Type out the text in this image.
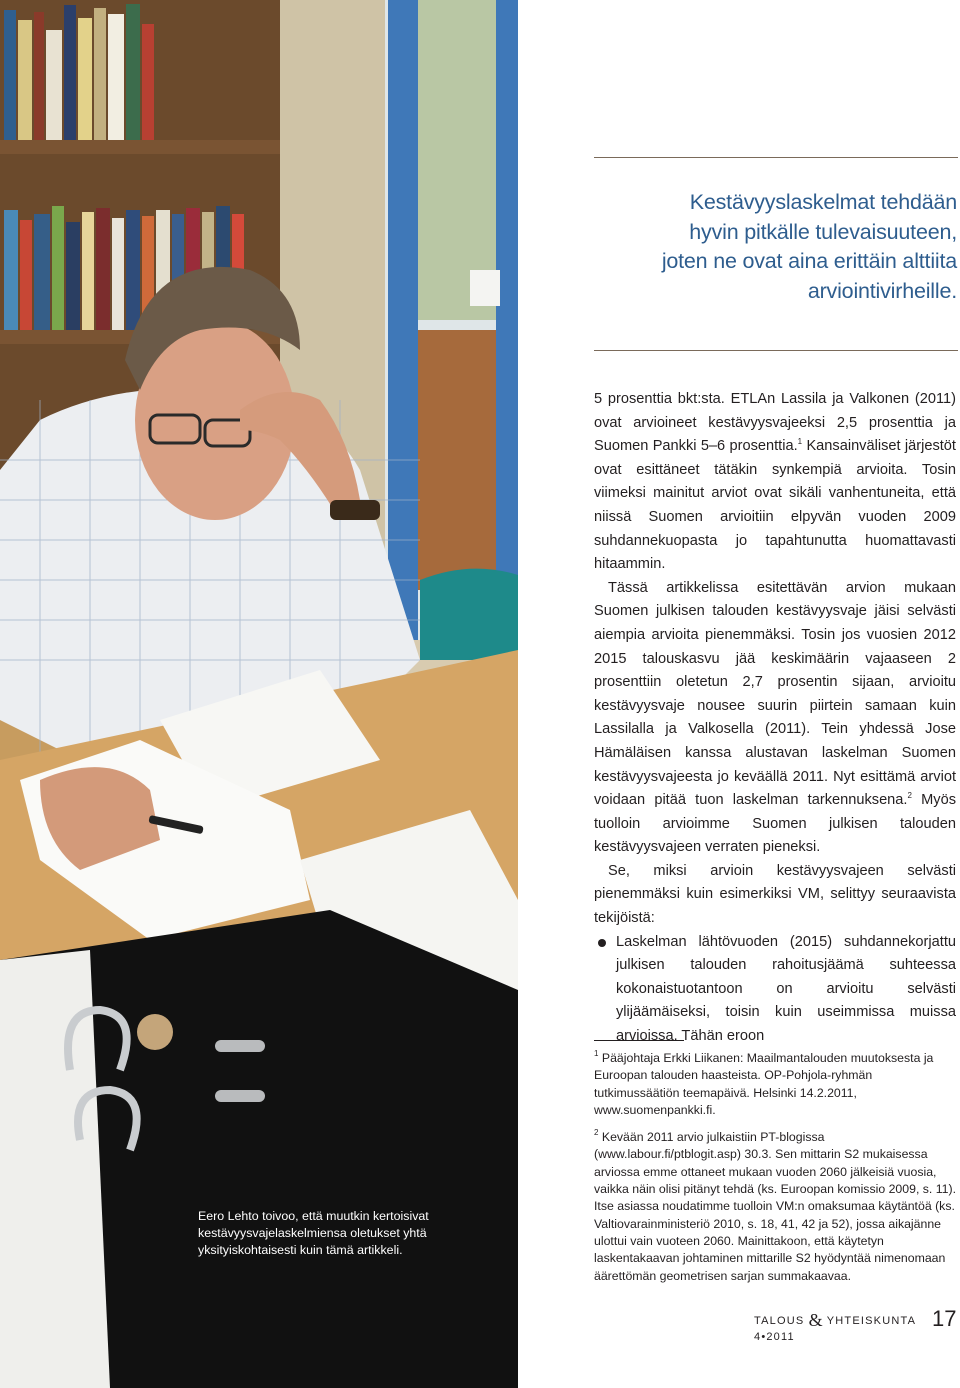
Eero Lehto toivoo, että muutkin kertoisivat kestävyysvajelaskelmiensa oletukset yhtä yksityiskohtaisesti kuin tämä artikkeli.
Kestävyyslaskelmat tehdään
hyvin pitkälle tulevaisuuteen,
joten ne ovat aina erittäin alttiita
arviointivirheille.

5 prosenttia bkt:sta. ETLAn Lassila ja Valkonen (2011) ovat arvioineet kestävyysvajeeksi 2,5 prosenttia ja Suomen Pankki 5–6 prosenttia.$^1$ Kansainväliset järjestöt ovat esittäneet tätäkin synkempiä arvioita. Tosin viimeksi mainitut arviot ovat sikäli vanhentuneita, että niissä Suomen arvioitiin elpyvän vuoden 2009 suhdannekuopasta jo tapahtunutta huomattavasti hitaammin.

Tässä artikkelissa esitettävän arvion mukaan Suomen julkisen talouden kestävyysvaje jäisi selvästi aiempia arvioita pienemmäksi. Tosin jos vuosien 2012 2015 talouskasvu jää keskimäärin vajaaseen 2 prosenttiin oletetun 2,7 prosentin sijaan, arvioitu kestävyysvaje nousee suurin piirtein samaan kuin Lassilalla ja Valkosella (2011). Tein yhdessä Jose Hämäläisen kanssa alustavan laskelman Suomen kestävyysvajeesta jo keväällä 2011. Nyt esittämä arviot voidaan pitää tuon laskelman tarkennuksena.$^2$ Myös tuolloin arvioimme Suomen julkisen talouden kestävyysvajeen verraten pieneksi.

Se, miksi arvioin kestävyysvajeen selvästi pienemmäksi kuin esimerkiksi VM, selittyy seuraavista tekijöistä:

Laskelman lähtövuoden (2015) suhdannekorjattu julkisen talouden rahoitusjäämä suhteessa kokonaistuotantoon on arvioitu selvästi ylijäämäiseksi, toisin kuin useimmissa muissa arvioissa. Tähän eroon

$^1$ Pääjohtaja Erkki Liikanen: Maailmantalouden muutoksesta ja Euroopan talouden haasteista. OP-Pohjola-ryhmän tutkimussäätiön teemapäivä. Helsinki 14.2.2011, www.suomenpankki.fi.

$^2$ Kevään 2011 arvio julkaistiin PT-blogissa (www.labour.fi/ptblogit.asp) 30.3. Sen mittarin S2 mukaisessa arviossa emme ottaneet mukaan vuoden 2060 jälkeisiä vuosia, vaikka näin olisi pitänyt tehdä (ks. Euroopan komissio 2009, s. 11). Itse asiassa noudatimme tuolloin VM:n omaksumaa käytäntöä (ks. Valtiovarainministeriö 2010, s. 18, 41, 42 ja 52), jossa aikajänne ulottui vain vuoteen 2060. Mainittakoon, että käytetyn laskentakaavan johtaminen mittarille S2 hyödyntää nimenomaan äärettömän geometrisen sarjan summakaavaa.

TALOUS & YHTEISKUNTA 4•2011
17
